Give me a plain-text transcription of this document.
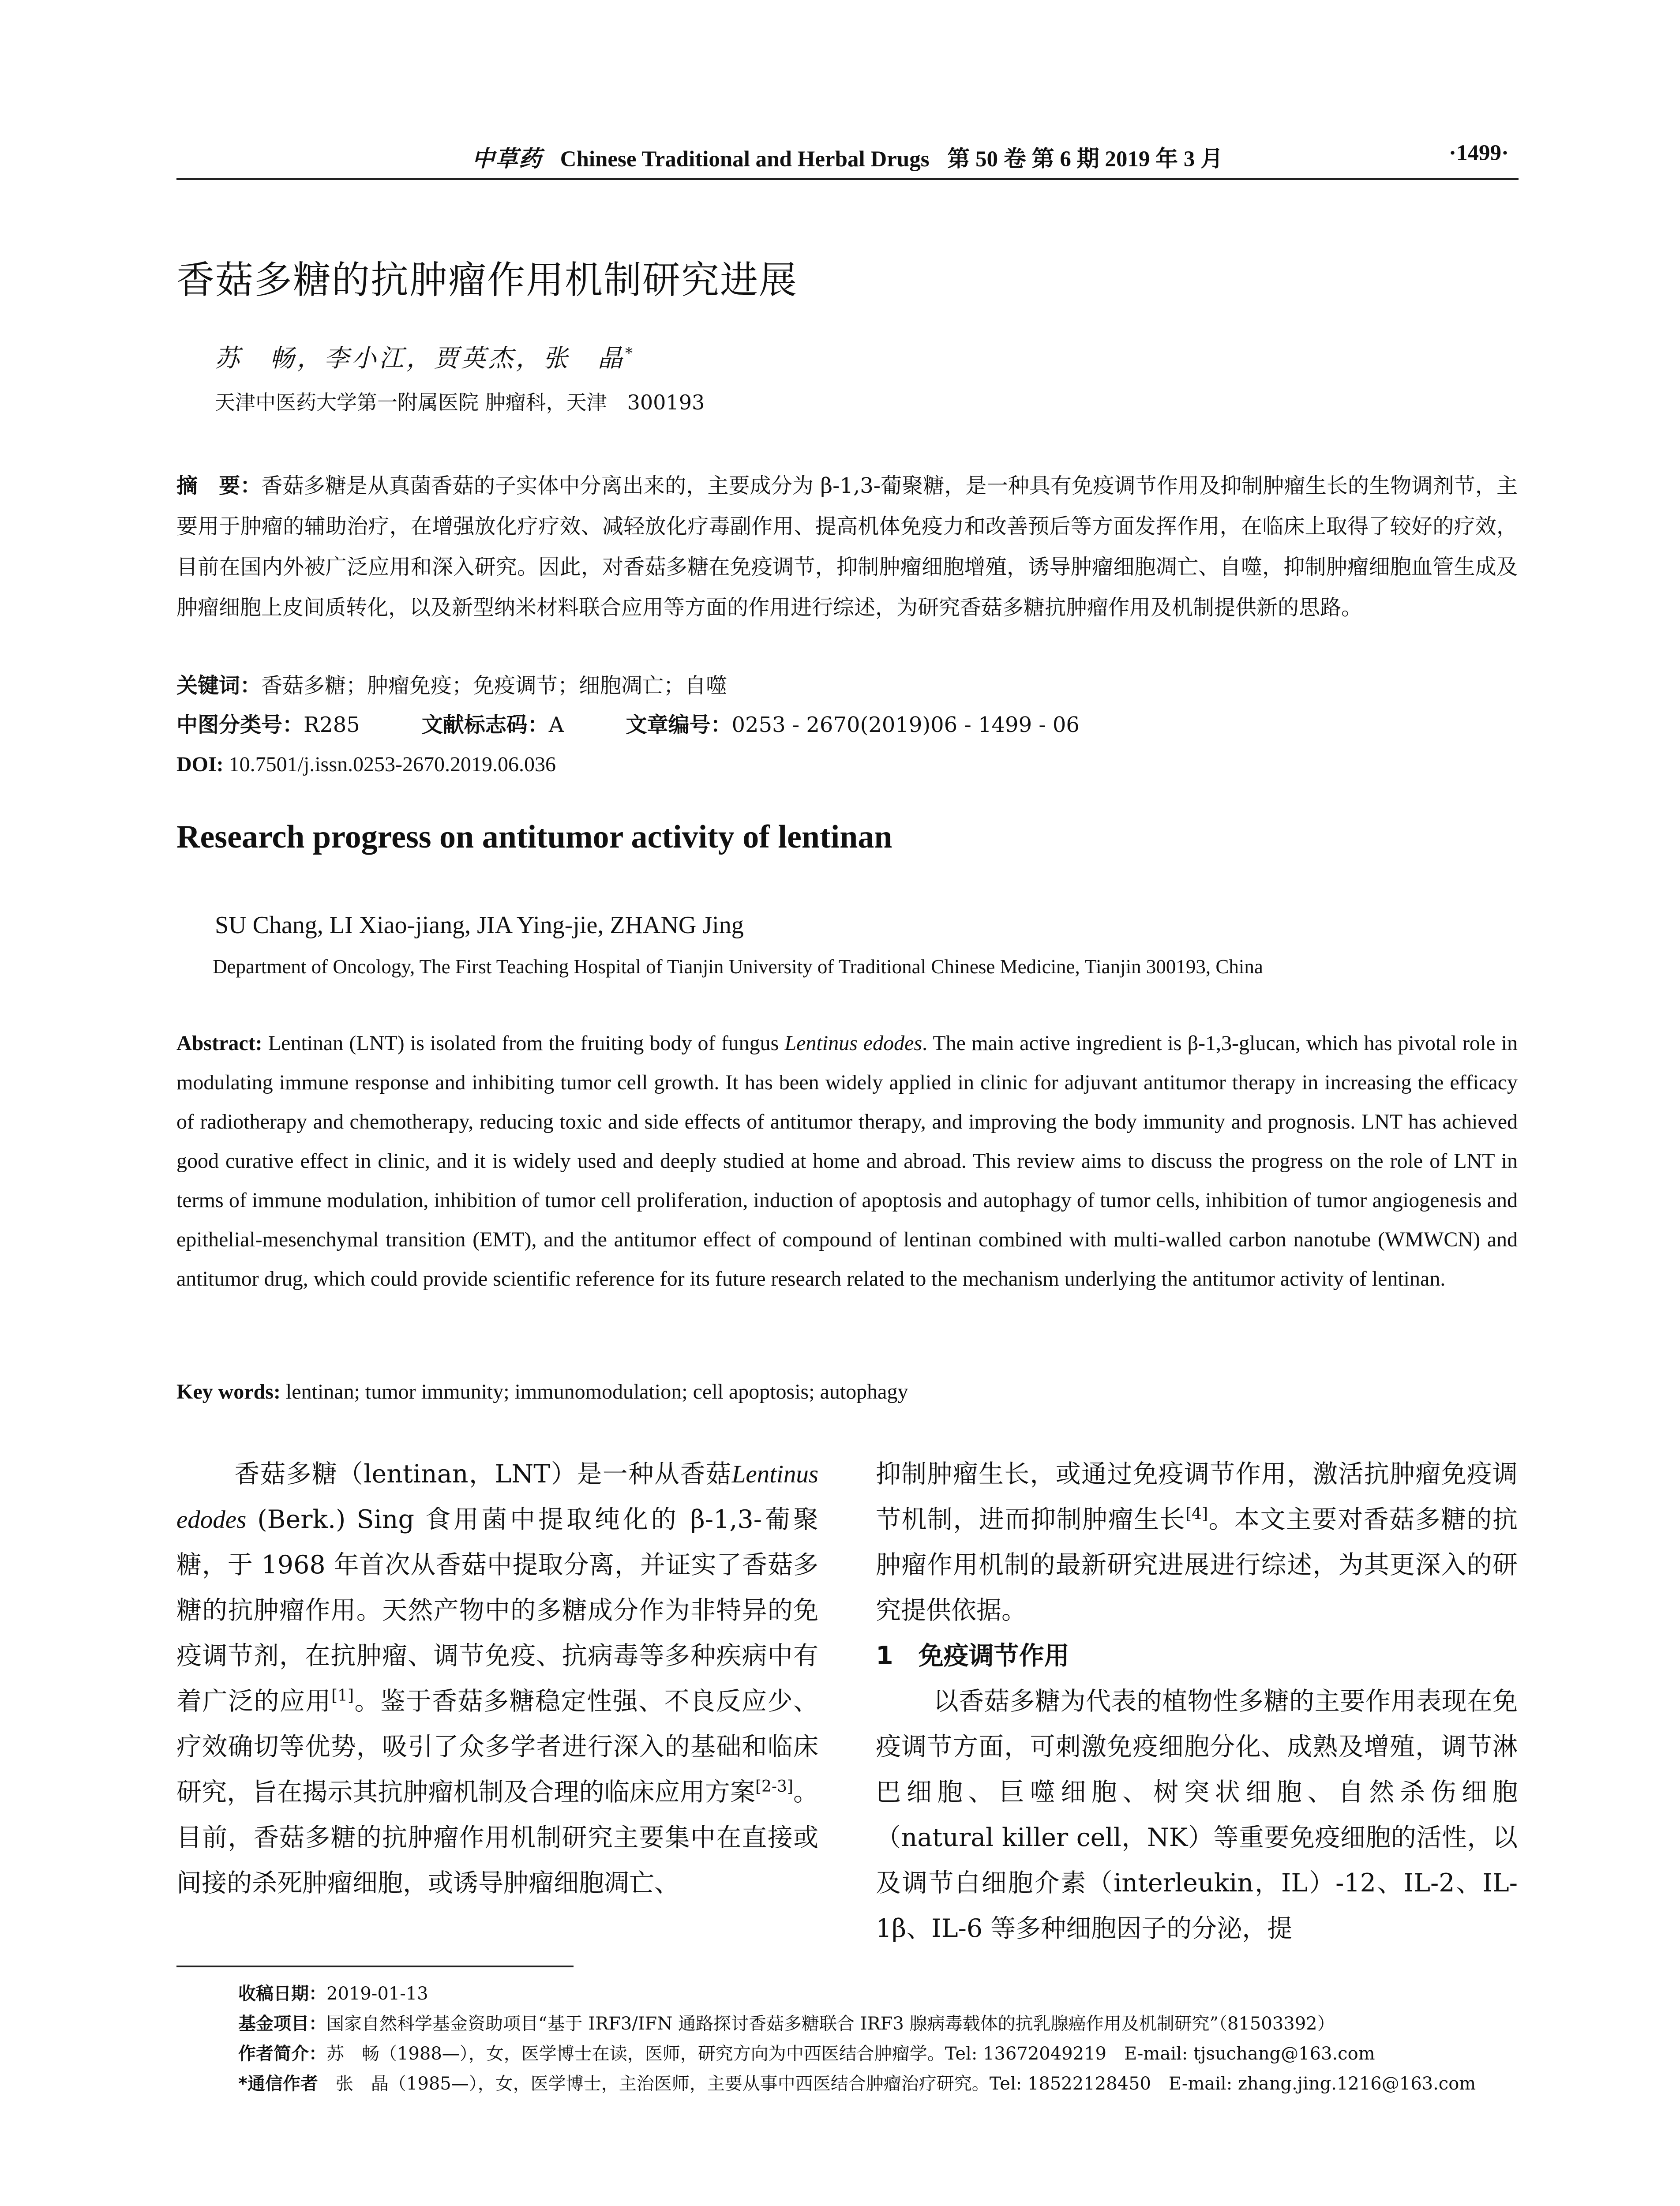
中草药 Chinese Traditional and Herbal Drugs 第 50 卷 第 6 期 2019 年 3 月	·1499·
香菇多糖的抗肿瘤作用机制研究进展
苏　畅，李小江，贾英杰，张　晶*
天津中医药大学第一附属医院 肿瘤科，天津　300193
摘　要：香菇多糖是从真菌香菇的子实体中分离出来的，主要成分为 β-1,3-葡聚糖，是一种具有免疫调节作用及抑制肿瘤生长的生物调剂节，主要用于肿瘤的辅助治疗，在增强放化疗疗效、减轻放化疗毒副作用、提高机体免疫力和改善预后等方面发挥作用，在临床上取得了较好的疗效，目前在国内外被广泛应用和深入研究。因此，对香菇多糖在免疫调节，抑制肿瘤细胞增殖，诱导肿瘤细胞凋亡、自噬，抑制肿瘤细胞血管生成及肿瘤细胞上皮间质转化，以及新型纳米材料联合应用等方面的作用进行综述，为研究香菇多糖抗肿瘤作用及机制提供新的思路。
关键词：香菇多糖；肿瘤免疫；免疫调节；细胞凋亡；自噬
中图分类号：R285	文献标志码：A	文章编号：0253 - 2670(2019)06 - 1499 - 06
DOI: 10.7501/j.issn.0253-2670.2019.06.036
Research progress on antitumor activity of lentinan
SU Chang, LI Xiao-jiang, JIA Ying-jie, ZHANG Jing
Department of Oncology, The First Teaching Hospital of Tianjin University of Traditional Chinese Medicine, Tianjin 300193, China
Abstract: Lentinan (LNT) is isolated from the fruiting body of fungus Lentinus edodes. The main active ingredient is β-1,3-glucan, which has pivotal role in modulating immune response and inhibiting tumor cell growth. It has been widely applied in clinic for adjuvant antitumor therapy in increasing the efficacy of radiotherapy and chemotherapy, reducing toxic and side effects of antitumor therapy, and improving the body immunity and prognosis. LNT has achieved good curative effect in clinic, and it is widely used and deeply studied at home and abroad. This review aims to discuss the progress on the role of LNT in terms of immune modulation, inhibition of tumor cell proliferation, induction of apoptosis and autophagy of tumor cells, inhibition of tumor angiogenesis and epithelial-mesenchymal transition (EMT), and the antitumor effect of compound of lentinan combined with multi-walled carbon nanotube (WMWCN) and antitumor drug, which could provide scientific reference for its future research related to the mechanism underlying the antitumor activity of lentinan.
Key words: lentinan; tumor immunity; immunomodulation; cell apoptosis; autophagy
香菇多糖（lentinan，LNT）是一种从香菇Lentinus edodes (Berk.) Sing 食用菌中提取纯化的 β-1,3-葡聚糖，于 1968 年首次从香菇中提取分离，并证实了香菇多糖的抗肿瘤作用。天然产物中的多糖成分作为非特异的免疫调节剂，在抗肿瘤、调节免疫、抗病毒等多种疾病中有着广泛的应用[1]。鉴于香菇多糖稳定性强、不良反应少、疗效确切等优势，吸引了众多学者进行深入的基础和临床研究，旨在揭示其抗肿瘤机制及合理的临床应用方案[2-3]。目前，香菇多糖的抗肿瘤作用机制研究主要集中在直接或间接的杀死肿瘤细胞，或诱导肿瘤细胞凋亡、
抑制肿瘤生长，或通过免疫调节作用，激活抗肿瘤免疫调节机制，进而抑制肿瘤生长[4]。本文主要对香菇多糖的抗肿瘤作用机制的最新研究进展进行综述，为其更深入的研究提供依据。
1　免疫调节作用
以香菇多糖为代表的植物性多糖的主要作用表现在免疫调节方面，可刺激免疫细胞分化、成熟及增殖，调节淋巴细胞、巨噬细胞、树突状细胞、自然杀伤细胞（natural killer cell，NK）等重要免疫细胞的活性，以及调节白细胞介素（interleukin，IL）-12、IL-2、IL-1β、IL-6 等多种细胞因子的分泌，提
收稿日期：2019-01-13
基金项目：国家自然科学基金资助项目“基于 IRF3/IFN 通路探讨香菇多糖联合 IRF3 腺病毒载体的抗乳腺癌作用及机制研究”（81503392）
作者简介：苏　畅（1988—），女，医学博士在读，医师，研究方向为中西医结合肿瘤学。Tel: 13672049219　E-mail: tjsuchang@163.com
*通信作者　 张　晶（1985—），女，医学博士，主治医师，主要从事中西医结合肿瘤治疗研究。Tel: 18522128450　E-mail: zhang.jing.1216@163.com
